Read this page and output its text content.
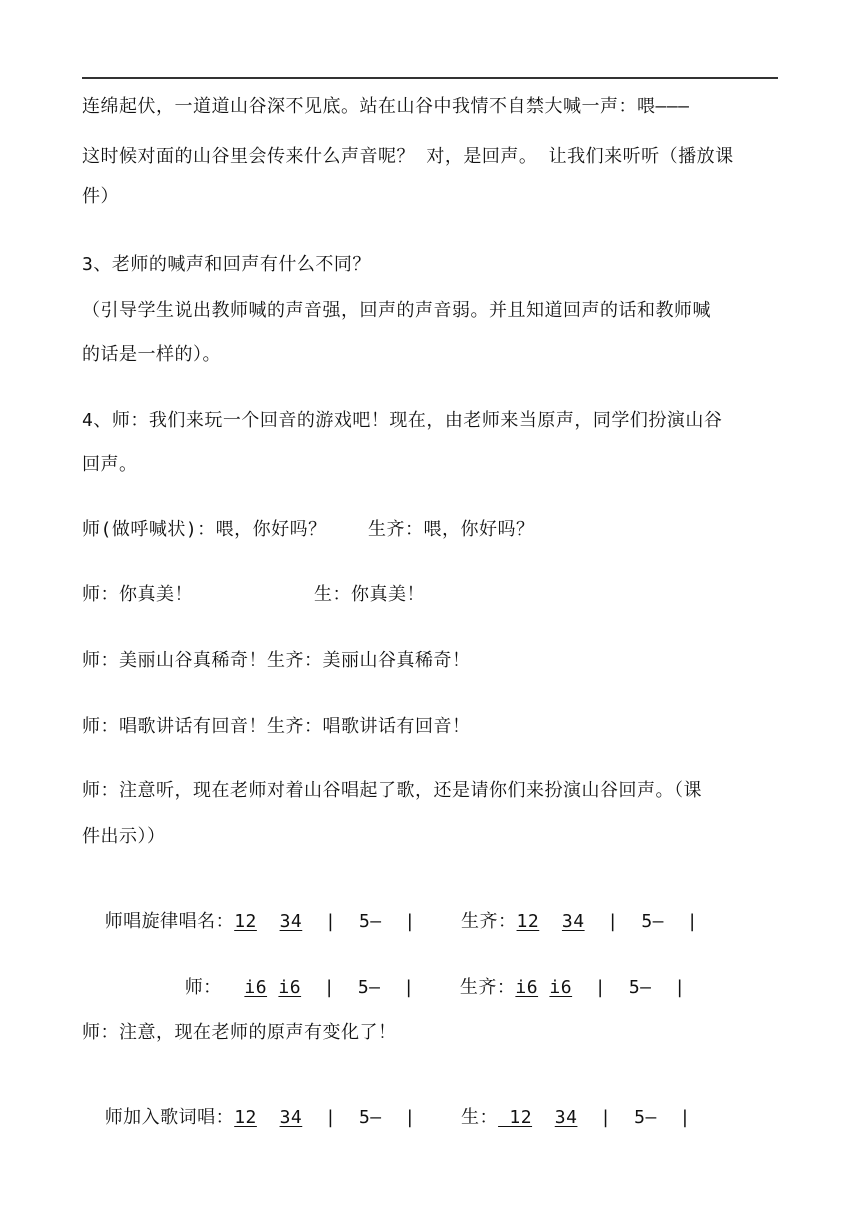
连绵起伏，一道道山谷深不见底。站在山谷中我情不自禁大喊一声：喂———
这时候对面的山谷里会传来什么声音呢？ 对，是回声。 让我们来听听（播放课
件）
3、老师的喊声和回声有什么不同？
（引导学生说出教师喊的声音强，回声的声音弱。并且知道回声的话和教师喊
的话是一样的）。
4、师：我们来玩一个回音的游戏吧！现在，由老师来当原声，同学们扮演山谷
回声。
师(做呼喊状)：喂，你好吗？ 生齐：喂，你好吗？
师：你真美！	生：你真美！
师：美丽山谷真稀奇！生齐：美丽山谷真稀奇！
师：唱歌讲话有回音！生齐：唱歌讲话有回音！
师：注意听，现在老师对着山谷唱起了歌，还是请你们来扮演山谷回声。（课
件出示））

师唱旋律唱名：12 34 | 5— |	生齐：12 34 | 5— |

师： i6 i6 | 5— |	生齐：i6 i6 | 5— |

师：注意，现在老师的原声有变化了！

师加入歌词唱：12 34 | 5— |	生： 12 34 | 5— |
